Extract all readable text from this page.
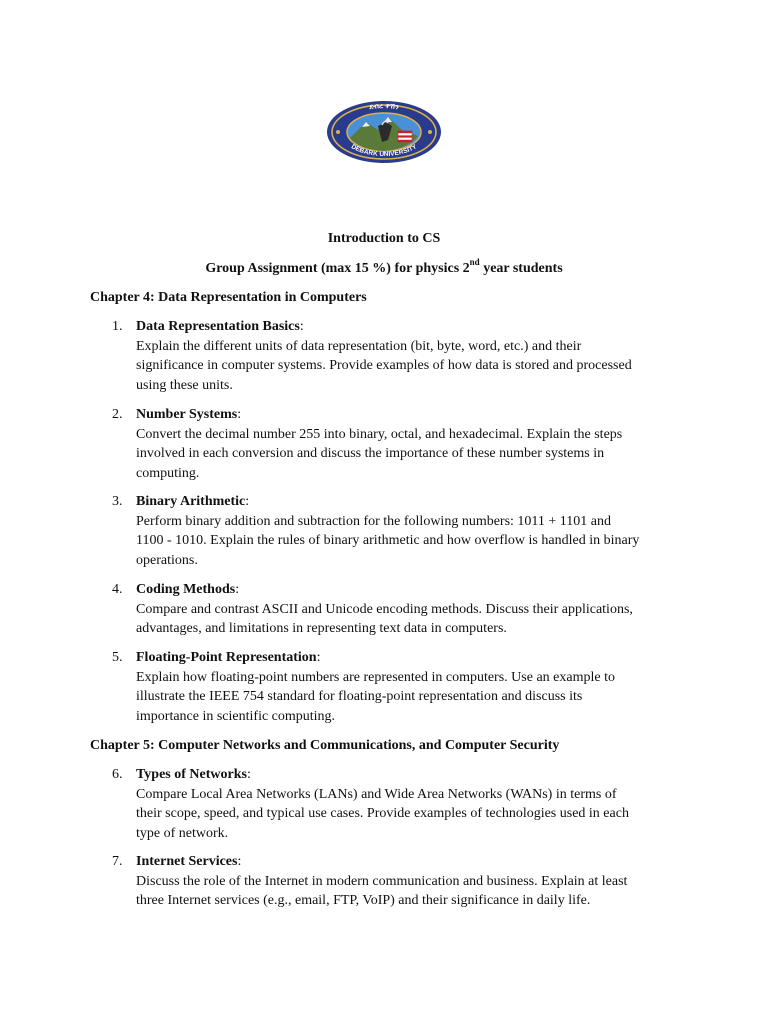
ደብረ ዋሽን
DEBARK UNIVERSITY

Introduction to CS

Group Assignment (max 15 %) for physics 2nd year students

Chapter 4: Data Representation in Computers

1. Data Representation Basics:
Explain the different units of data representation (bit, byte, word, etc.) and their
significance in computer systems. Provide examples of how data is stored and processed
using these units.
2. Number Systems:
Convert the decimal number 255 into binary, octal, and hexadecimal. Explain the steps
involved in each conversion and discuss the importance of these number systems in
computing.
3. Binary Arithmetic:
Perform binary addition and subtraction for the following numbers: 1011 + 1101 and
1100 - 1010. Explain the rules of binary arithmetic and how overflow is handled in binary
operations.
4. Coding Methods:
Compare and contrast ASCII and Unicode encoding methods. Discuss their applications,
advantages, and limitations in representing text data in computers.
5. Floating-Point Representation:
Explain how floating-point numbers are represented in computers. Use an example to
illustrate the IEEE 754 standard for floating-point representation and discuss its
importance in scientific computing.

Chapter 5: Computer Networks and Communications, and Computer Security

6. Types of Networks:
Compare Local Area Networks (LANs) and Wide Area Networks (WANs) in terms of
their scope, speed, and typical use cases. Provide examples of technologies used in each
type of network.
7. Internet Services:
Discuss the role of the Internet in modern communication and business. Explain at least
three Internet services (e.g., email, FTP, VoIP) and their significance in daily life.
